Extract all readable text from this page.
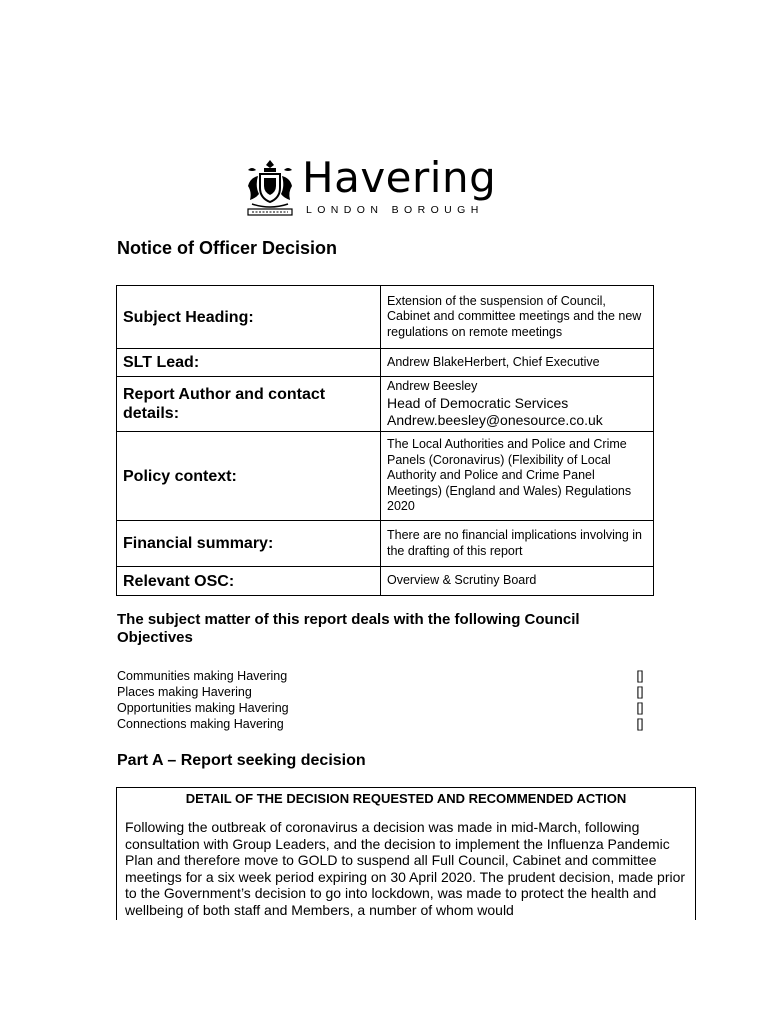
Havering
LONDON BOROUGH
Notice of Officer Decision
Subject Heading:	Extension of the suspension of Council, Cabinet and committee meetings and the new regulations on remote meetings
SLT Lead:	Andrew BlakeHerbert, Chief Executive
Report Author and contact details:	Andrew Beesley
Head of Democratic Services
Andrew.beesley@onesource.co.uk

Policy context:	The Local Authorities and Police and Crime Panels (Coronavirus) (Flexibility of Local Authority and Police and Crime Panel Meetings) (England and Wales) Regulations 2020
Financial summary:	There are no financial implications involving in the drafting of this report
Relevant OSC:	Overview & Scrutiny Board
The subject matter of this report deals with the following Council Objectives
Communities making Havering	[]
Places making Havering	[]
Opportunities making Havering	[]
Connections making Havering	[]
Part A – Report seeking decision
DETAIL OF THE DECISION REQUESTED AND RECOMMENDED ACTION
Following the outbreak of coronavirus a decision was made in mid-March, following consultation with Group Leaders, and the decision to implement the Influenza Pandemic Plan and therefore move to GOLD to suspend all Full Council, Cabinet and committee meetings for a six week period expiring on 30 April 2020. The prudent decision, made prior to the Government’s decision to go into lockdown, was made to protect the health and wellbeing of both staff and Members, a number of whom would
